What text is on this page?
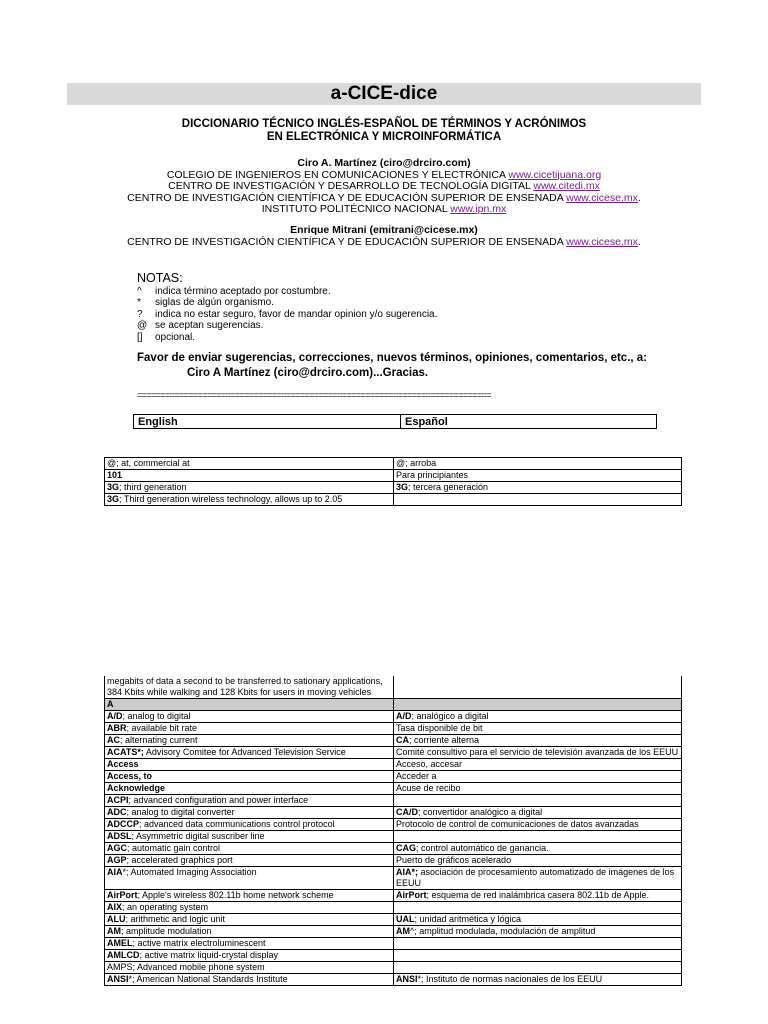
a-CICE-dice
DICCIONARIO TÉCNICO INGLÉS-ESPAÑOL DE TÉRMINOS Y ACRÓNIMOS
EN ELECTRÓNICA Y MICROINFORMÁTICA
Ciro A. Martínez (ciro@drciro.com)
COLEGIO DE INGENIEROS EN COMUNICACIONES Y ELECTRÓNICA www.cicetijuana.org
CENTRO DE INVESTIGACIÓN Y DESARROLLO DE TECNOLOGÍA DIGITAL www.citedi.mx
CENTRO DE INVESTIGACIÓN CIENTÍFICA Y DE EDUCACIÓN SUPERIOR DE ENSENADA www.cicese.mx.
INSTITUTO POLITÉCNICO NACIONAL www.ipn.mx
Enrique Mitrani (emitrani@cicese.mx)
CENTRO DE INVESTIGACIÓN CIENTÍFICA Y DE EDUCACIÓN SUPERIOR DE ENSENADA www.cicese.mx.
NOTAS:
^	indica término aceptado por costumbre.
*	siglas de algún organismo.
?	indica no estar seguro, favor de mandar opinion y/o sugerencia.
@ se aceptan sugerencias.
[]	opcional.
Favor de enviar sugerencias, correcciones, nuevos términos, opiniones, comentarios, etc., a:
Ciro A Martínez (ciro@drciro.com)...Gracias.
============================================================================
English	Español
@; at, commercial at	@; arroba
101	Para principiantes
3G; third generation	3G; tercera generación
3G; Third generation wireless technology, allows up to 2.05	
megabits of data a second to be transferred to sationary applications, 384 Kbits while walking and 128 Kbits for users in moving vehicles	
A	
A/D; analog to digital	A/D; analógico a digital
ABR; available bit rate	Tasa disponible de bit
AC; alternating current	CA; corriente alterna
ACATS*; Advisory Comitee for Advanced Television Service	Comité consultivo para el servicio de televisión avanzada de los EEUU
Access	Acceso, accesar
Access, to	Acceder a
Acknowledge	Acuse de recibo
ACPI; advanced configuration and power interface	
ADC; analog to digital converter	CA/D; convertidor analógico a digital
ADCCP; advanced data communications control protocol	Protocolo de control de comunicaciones de datos avanzadas
ADSL; Asymmetric digital suscriber line	
AGC; automatic gain control	CAG; control automático de ganancia.
AGP; accelerated graphics port	Puerto de gráficos acelerado
AIA*; Automated Imaging Association	AIA*; asociación de procesamiento automatizado de imágenes de los EEUU
AirPort; Apple's wireless 802.11b home network scheme	AirPort; esquema de red inalámbrica casera 802.11b de Apple.
AIX; an operating system	
ALU; arithmetic and logic unit	UAL; unidad aritmética y lógica
AM; amplitude modulation	AM^; amplitud modulada, modulación de amplitud
AMEL; active matrix electroluminescent	
AMLCD; active matrix liquid-crystal display	
AMPS; Advanced mobile phone system	
ANSI*; American National Standards Institute	ANSI*; Instituto de normas nacionales de los EEUU
